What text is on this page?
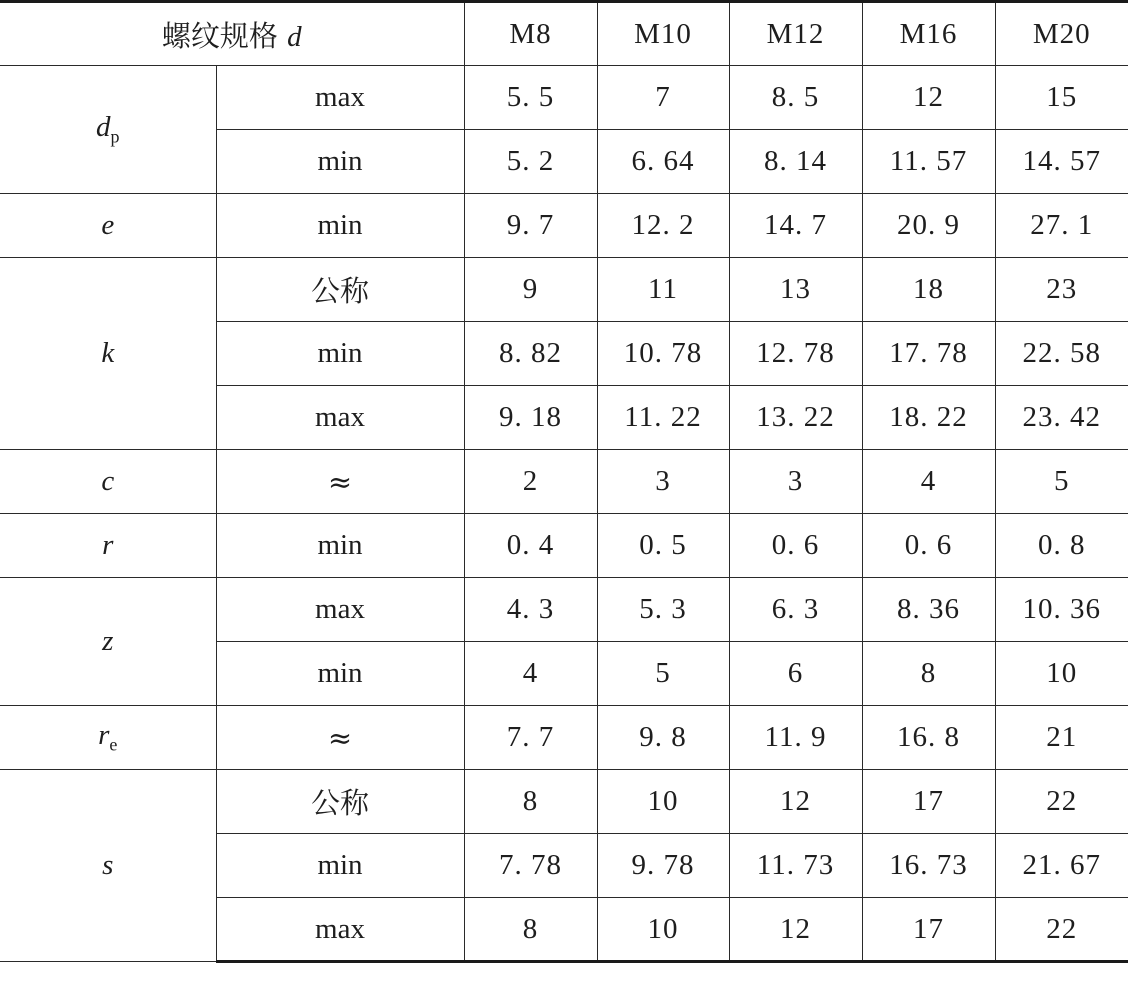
螺纹规格 d		M8	M10	M12	M16	M20
$d_p$	max	5. 5	7	8. 5	12	15
	min	5. 2	6. 64	8. 14	11. 57	14. 57
e	min	9. 7	12. 2	14. 7	20. 9	27. 1
k	公称	9	11	13	18	23
	min	8. 82	10. 78	12. 78	17. 78	22. 58
	max	9. 18	11. 22	13. 22	18. 22	23. 42
c	≈	2	3	3	4	5
r	min	0. 4	0. 5	0. 6	0. 6	0. 8
z	max	4. 3	5. 3	6. 3	8. 36	10. 36
	min	4	5	6	8	10
$r_e$	≈	7. 7	9. 8	11. 9	16. 8	21
s	公称	8	10	12	17	22
	min	7. 78	9. 78	11. 73	16. 73	21. 67
	max	8	10	12	17	22
